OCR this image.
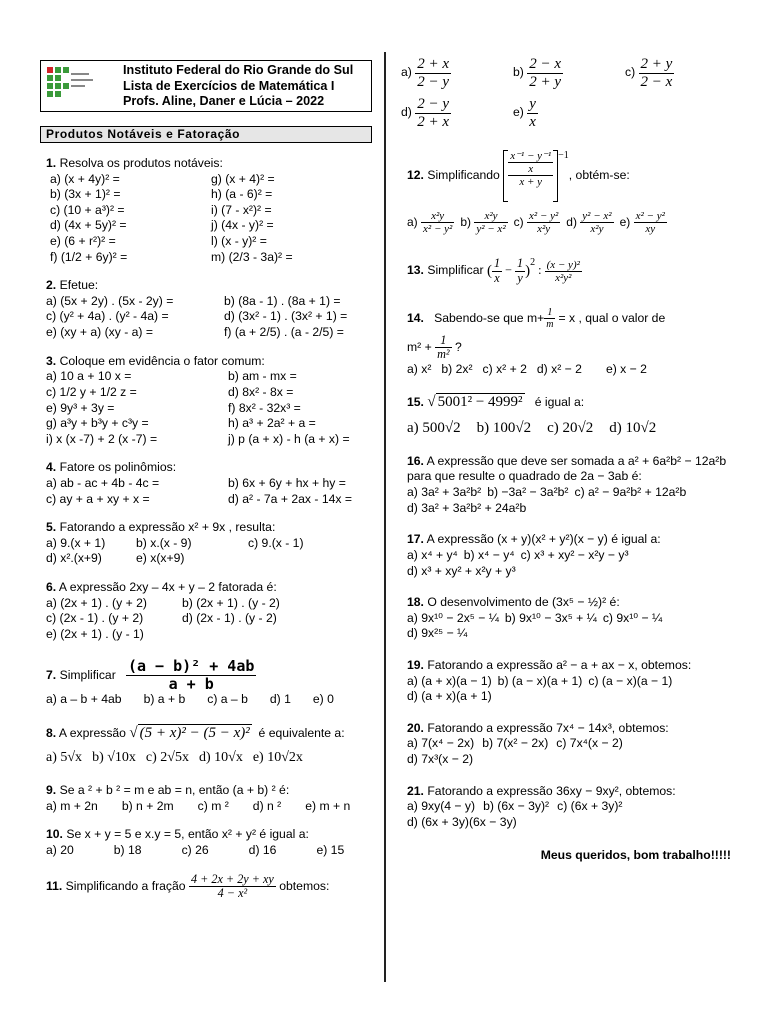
Instituto Federal do Rio Grande do Sul
Lista de Exercícios de Matemática I
Profs. Aline, Daner e Lúcia – 2022
Produtos Notáveis e Fatoração
1. Resolva os produtos notáveis:
a) (x + 4y)² =	g) (x + 4)² =
b) (3x + 1)² =	h) (a - 6)² =
c) (10 + a³)² =	i) (7 - x²)² =
d) (4x + 5y)² =	j) (4x - y)² =
e) (6 + r²)² =	l) (x - y)² =
f) (1/2 + 6y)² =	m) (2/3 - 3a)² =
2. Efetue:
a) (5x + 2y) . (5x - 2y) =	b) (8a - 1) . (8a + 1) =
c) (y² + 4a) . (y² - 4a) =	d) (3x² - 1) . (3x² + 1) =
e) (xy + a) (xy - a) =	f) (a + 2/5) . (a - 2/5) =
3. Coloque em evidência o fator comum:
a) 10 a + 10 x =	b) am - mx =
c) 1/2 y + 1/2 z =	d) 8x² - 8x =
e) 9y³ + 3y =	f) 8x² - 32x³ =
g) a³y + b³y + c³y =	h) a³ + 2a² + a =
i) x (x -7) + 2 (x -7) =	j) p (a + x) - h (a + x) =
4. Fatore os polinômios:
a) ab - ac + 4b - 4c =	b) 6x + 6y + hx + hy =
c) ay + a + xy + x =	d) a² - 7a + 2ax - 14x =
5. Fatorando a expressão x² + 9x , resulta:
a) 9.(x + 1)	b) x.(x - 9)	c) 9.(x - 1)
d) x².(x+9)	e) x(x+9)
6. A expressão 2xy – 4x + y – 2 fatorada é:
a) (2x + 1) . (y + 2)	b) (2x + 1) . (y - 2)
c) (2x - 1) . (y + 2)	d) (2x - 1) . (y - 2)
e) (2x + 1) . (y - 1)
7.
Simplificar
$\frac{\text{(a − b)² + 4ab}}{a + b}$
a) a – b + 4ab b) a + b c) a – b d) 1 e) 0
8. A expressão √ (5 + x)² − (5 − x)² é equivalente a:
a) 5√x b) √10x c) 2√5x d) 10√x e) 10√2x
9. Se a ² + b ² = m e ab = n, então (a + b) ² é:
a) m + 2n b) n + 2m c) m ² d) n ² e) m + n
10. Se x + y = 5 e x.y = 5, então x² + y² é igual a:
a) 20	b) 18	c) 26	d) 16	e) 15
11.
Simplificando a fração
$\frac{4 + 2x + 2y + xy}{\text{4 − x²}}$
obtemos:
$a) \frac{2 + x}{2 - y}$	$b) \frac{2 - x}{2 + y}$	$c) \frac{2 + y}{2 - x}$
$d) \frac{2 - y}{2 + x}$	$e) \frac{y}{x}$
12.
Simplificando
$\frac{\text{x⁻¹ − y⁻¹}}{\frac{x}{x + y}} ^{-1}$
, obtém-se:
$a) \frac{\text{x²y}}{\text{x² − y²}} b) \frac{\text{x²y}}{\text{y² − x²}} c) \frac{\text{x² − y²}}{\text{x²y}} d) \frac{\text{y² − x²}}{\text{x²y}} e) \frac{\text{x² − y²}}{xy}$
13.
Simplificar
( $\frac{1}{x} - \frac{1}{y} )^2$
: $\frac{\text{(x − y)²}}{\text{x²y²}}$
14.
Sabendo-se que $m+ \frac{1}{m}$
= x , qual o valor de
m² +
$\frac{1}{\text{m²}}$
?
a) x² b) 2x² c) x² + 2 d) x² − 2 e) x − 2
15. √ 5001² − 4999² é igual a:
a) 500√2 b) 100√2 c) 20√2 d) 10√2
16. A expressão que deve ser somada a a² + 6a²b² − 12a²b para que resulte o quadrado de 2a − 3ab é:
a) 3a² + 3a²b² b) −3a² − 3a²b² c) a² − 9a²b² + 12a²b
d) 3a² + 3a²b² + 24a²b
17. A expressão (x + y)(x² + y²)(x − y) é igual a:
a) x⁴ + y⁴ b) x⁴ − y⁴ c) x³ + xy² − x²y − y³
d) x³ + xy² + x²y + y³
18. O desenvolvimento de (3x⁵ − ½)² é:
a) 9x¹⁰ − 2x⁵ − ¼ b) 9x¹⁰ − 3x⁵ + ¼ c) 9x¹⁰ − ¼
d) 9x²⁵ − ¼
19. Fatorando a expressão a² − a + ax − x, obtemos:
a) (a + x)(a − 1) b) (a − x)(a + 1) c) (a − x)(a − 1)
d) (a + x)(a + 1)
20. Fatorando a expressão 7x⁴ − 14x³, obtemos:
a) 7(x⁴ − 2x) b) 7(x² − 2x) c) 7x⁴(x − 2)
d) 7x³(x − 2)
21. Fatorando a expressão 36xy − 9xy², obtemos:
a) 9xy(4 − y) b) (6x − 3y)² c) (6x + 3y)²
d) (6x + 3y)(6x − 3y)
Meus queridos, bom trabalho!!!!!
